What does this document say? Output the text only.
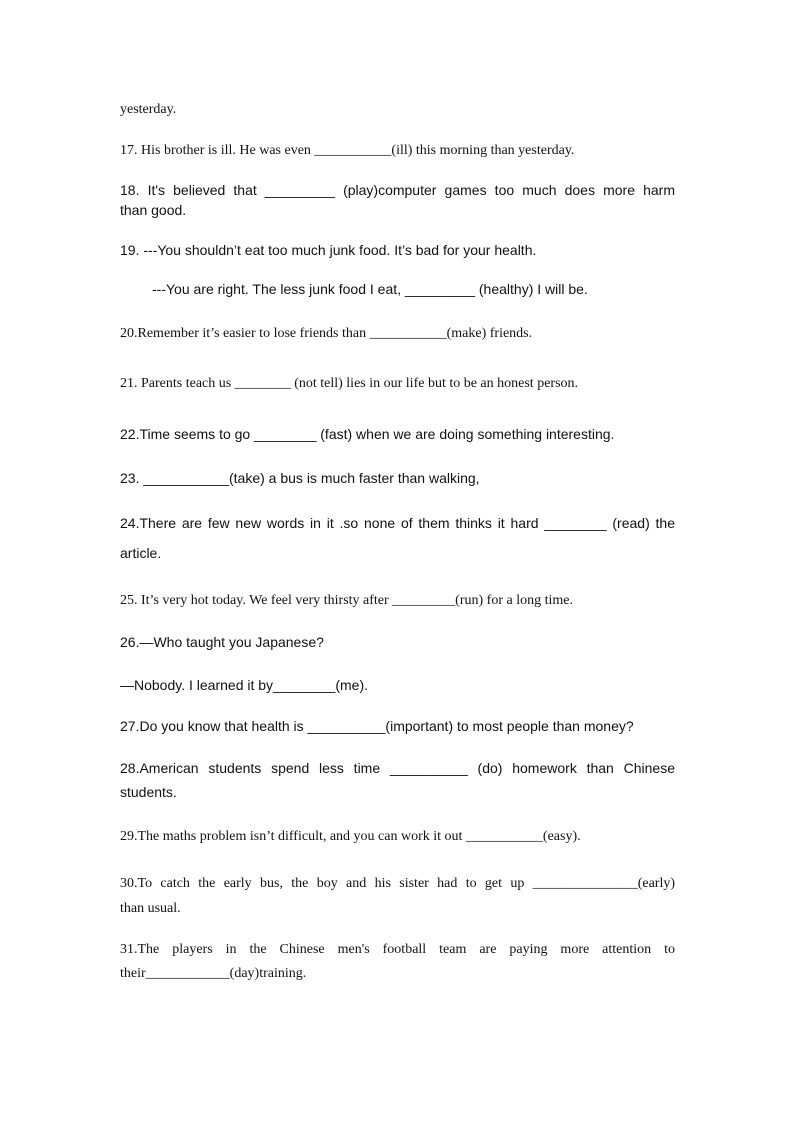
yesterday.
17. His brother is ill. He was even ___________(ill) this morning than yesterday.
18. It's believed that _________ (play)computer games too much does more harm
than good.
19. ---You shouldn’t eat too much junk food. It’s bad for your health.
---You are right. The less junk food I eat, _________ (healthy) I will be.
20.Remember it’s easier to lose friends than ___________(make) friends.
21. Parents teach us ________ (not tell) lies in our life but to be an honest person.
22.Time seems to go ________ (fast) when we are doing something interesting.
23. ___________(take) a bus is much faster than walking,
24.There are few new words in it .so none of them thinks it hard ________ (read) the
article.
25. It’s very hot today. We feel very thirsty after _________(run) for a long time.
26.—Who taught you Japanese?
—Nobody. I learned it by________(me).
27.Do you know that health is __________(important) to most people than money?
28.American students spend less time __________ (do) homework than Chinese
students.
29.The maths problem isn’t difficult, and you can work it out ___________(easy).
30.To catch the early bus, the boy and his sister had to get up _______________(early)
than usual.
31.The players in the Chinese men's football team are paying more attention to
their____________(day)training.
